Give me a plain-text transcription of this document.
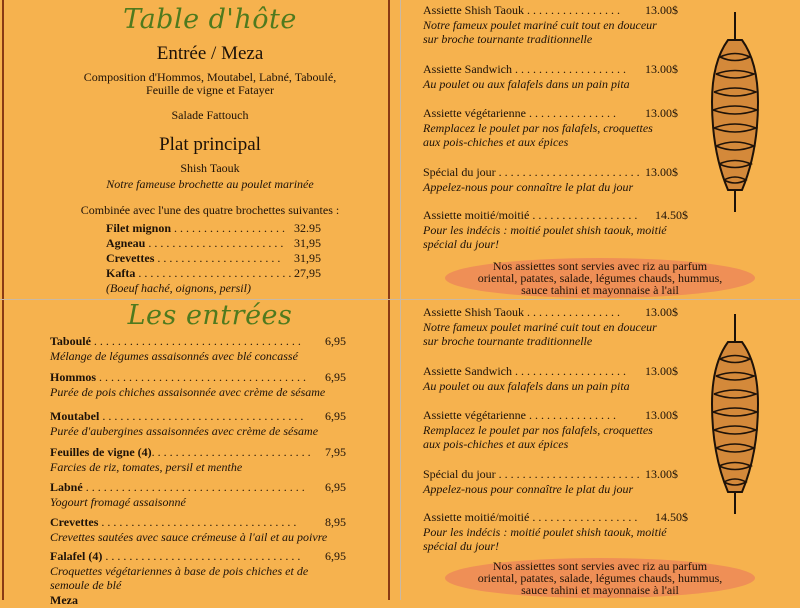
Table d'hôte
Entrée / Meza
Composition d'Hommos, Moutabel, Labné, Taboulé,
Feuille de vigne et Fatayer
Salade Fattouch
Plat principal
Shish Taouk
Notre fameuse brochette au poulet marinée
Combinée avec l'une des quatre brochettes suivantes :
Filet mignon . . . . . . . . . . . . . . . . . . . 32.95
Agneau . . . . . . . . . . . . . . . . . . . . . . . 31,95
Crevettes . . . . . . . . . . . . . . . . . . . . . 31,95
Kafta . . . . . . . . . . . . . . . . . . . . . . . . . . 27,95
(Boeuf haché, oignons, persil)
Les entrées
Taboulé . . . . . . . . . . . . . . . . . . . . . . . . . . . . . . . . . . . 6,95
Mélange de légumes assaisonnés avec blé concassé
Hommos . . . . . . . . . . . . . . . . . . . . . . . . . . . . . . . . . . . 6,95
Purée de pois chiches assaisonnée avec crème de sésame
Moutabel . . . . . . . . . . . . . . . . . . . . . . . . . . . . . . . . . . 6,95
Purée d'aubergines assaisonnées avec crème de sésame
Feuilles de vigne (4). . . . . . . . . . . . . . . . . . . . . . . . . . . 7,95
Farcies de riz, tomates, persil et menthe
Labné . . . . . . . . . . . . . . . . . . . . . . . . . . . . . . . . . . . . . 6,95
Yogourt fromagé assaisonné
Crevettes . . . . . . . . . . . . . . . . . . . . . . . . . . . . . . . . . 8,95
Crevettes sautées avec sauce crémeuse à l'ail et au poivre
Falafel (4) . . . . . . . . . . . . . . . . . . . . . . . . . . . . . . . . . 6,95
Croquettes végétariennes à base de pois chiches et de
semoule de blé
Meza
Assiette Shish Taouk . . . . . . . . . . . . . . . . 13.00$
Notre fameux poulet mariné cuit tout en douceur
sur broche tournante traditionnelle
Assiette Sandwich . . . . . . . . . . . . . . . . . . . 13.00$
Au poulet ou aux falafels dans un pain pita
Assiette végétarienne . . . . . . . . . . . . . . . 13.00$
Remplacez le poulet par nos falafels, croquettes
aux pois-chiches et aux épices
Spécial du jour . . . . . . . . . . . . . . . . . . . . . . . . 13.00$
Appelez-nous pour connaître le plat du jour
Assiette moitié/moitié . . . . . . . . . . . . . . . . . . 14.50$
Pour les indécis : moitié poulet shish taouk, moitié
spécial du jour!
Nos assiettes sont servies avec riz au parfum
oriental, patates, salade, légumes chauds, hummus,
sauce tahini et mayonnaise à l'ail
Assiette Shish Taouk . . . . . . . . . . . . . . . . 13.00$
Notre fameux poulet mariné cuit tout en douceur
sur broche tournante traditionnelle
Assiette Sandwich . . . . . . . . . . . . . . . . . . . 13.00$
Au poulet ou aux falafels dans un pain pita
Assiette végétarienne . . . . . . . . . . . . . . . 13.00$
Remplacez le poulet par nos falafels, croquettes
aux pois-chiches et aux épices
Spécial du jour . . . . . . . . . . . . . . . . . . . . . . . . 13.00$
Appelez-nous pour connaître le plat du jour
Assiette moitié/moitié . . . . . . . . . . . . . . . . . . 14.50$
Pour les indécis : moitié poulet shish taouk, moitié
spécial du jour!
Nos assiettes sont servies avec riz au parfum
oriental, patates, salade, légumes chauds, hummus,
sauce tahini et mayonnaise à l'ail
